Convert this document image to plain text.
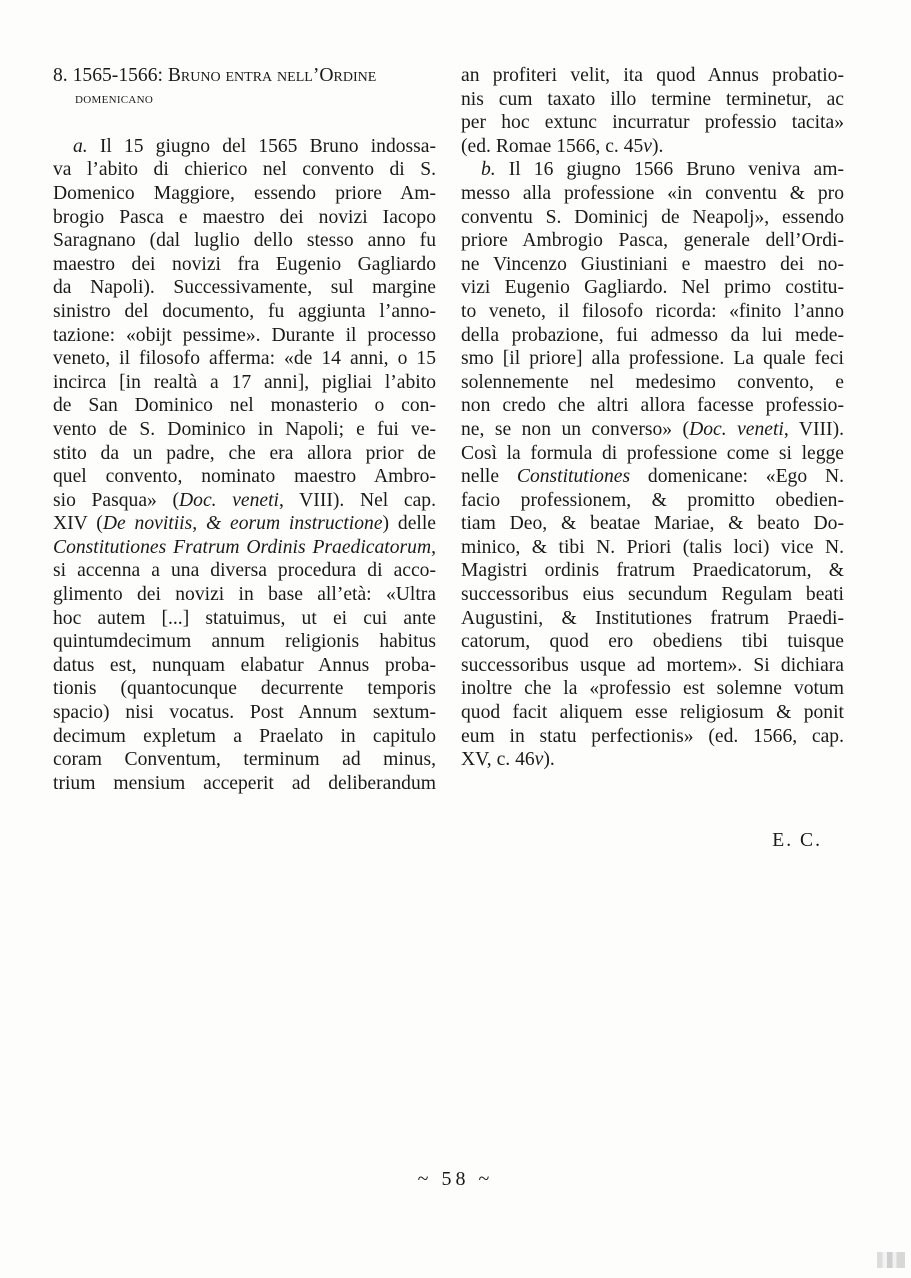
8. 1565-1566: Bruno entra nell’Ordine
domenicano
a. Il 15 giugno del 1565 Bruno indossa-
va l’abito di chierico nel convento di S.
Domenico Maggiore, essendo priore Am-
brogio Pasca e maestro dei novizi Iacopo
Saragnano (dal luglio dello stesso anno fu
maestro dei novizi fra Eugenio Gagliardo
da Napoli). Successivamente, sul margine
sinistro del documento, fu aggiunta l’anno-
tazione: «obijt pessime». Durante il processo
veneto, il filosofo afferma: «de 14 anni, o 15
incirca [in realtà a 17 anni], pigliai l’abito
de San Dominico nel monasterio o con-
vento de S. Dominico in Napoli; e fui ve-
stito da un padre, che era allora prior de
quel convento, nominato maestro Ambro-
sio Pasqua» (Doc. veneti, VIII). Nel cap.
XIV (De novitiis, & eorum instructione) delle
Constitutiones Fratrum Ordinis Praedicatorum,
si accenna a una diversa procedura di acco-
glimento dei novizi in base all’età: «Ultra
hoc autem [...] statuimus, ut ei cui ante
quintumdecimum annum religionis habitus
datus est, nunquam elabatur Annus proba-
tionis (quantocunque decurrente temporis
spacio) nisi vocatus. Post Annum sextum-
decimum expletum a Praelato in capitulo
coram Conventum, terminum ad minus,
trium mensium acceperit ad deliberandum
an profiteri velit, ita quod Annus probatio-
nis cum taxato illo termine terminetur, ac
per hoc extunc incurratur professio tacita»
(ed. Romae 1566, c. 45v).
b. Il 16 giugno 1566 Bruno veniva am-
messo alla professione «in conventu & pro
conventu S. Dominicj de Neapolj», essendo
priore Ambrogio Pasca, generale dell’Ordi-
ne Vincenzo Giustiniani e maestro dei no-
vizi Eugenio Gagliardo. Nel primo costitu-
to veneto, il filosofo ricorda: «finito l’anno
della probazione, fui admesso da lui mede-
smo [il priore] alla professione. La quale feci
solennemente nel medesimo convento, e
non credo che altri allora facesse professio-
ne, se non un converso» (Doc. veneti, VIII).
Così la formula di professione come si legge
nelle Constitutiones domenicane: «Ego N.
facio professionem, & promitto obedien-
tiam Deo, & beatae Mariae, & beato Do-
minico, & tibi N. Priori (talis loci) vice N.
Magistri ordinis fratrum Praedicatorum, &
successoribus eius secundum Regulam beati
Augustini, & Institutiones fratrum Praedi-
catorum, quod ero obediens tibi tuisque
successoribus usque ad mortem». Si dichiara
inoltre che la «professio est solemne votum
quod facit aliquem esse religiosum & ponit
eum in statu perfectionis» (ed. 1566, cap.
XV, c. 46v).
E. C.
~ 58 ~
